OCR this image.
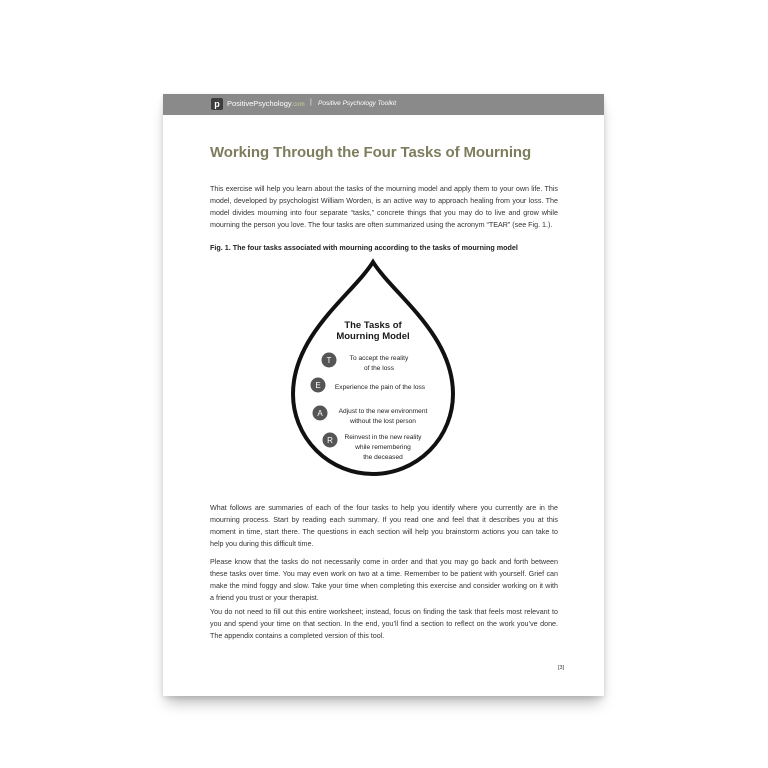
p PositivePsychology.com | Positive Psychology Toolkit
Working Through the Four Tasks of Mourning

This exercise will help you learn about the tasks of the mourning model and apply them to your own life. This model, developed by psychologist William Worden, is an active way to approach healing from your loss. The model divides mourning into four separate “tasks,” concrete things that you may do to live and grow while mourning the person you love. The four tasks are often summarized using the acronym “TEAR” (see Fig. 1.).

Fig. 1. The four tasks associated with mourning according to the tasks of mourning model
The Tasks of
Mourning Model
T	To accept the reality
of the loss
E Experience the pain of the loss
A Adjust to the new environment
without the lost person
R Reinvest in the new reality
while remembering
the deceased

What follows are summaries of each of the four tasks to help you identify where you currently are in the mourning process. Start by reading each summary. If you read one and feel that it describes you at this moment in time, start there. The questions in each section will help you brainstorm actions you can take to help you during this difficult time.

Please know that the tasks do not necessarily come in order and that you may go back and forth between these tasks over time. You may even work on two at a time. Remember to be patient with yourself. Grief can make the mind foggy and slow. Take your time when completing this exercise and consider working on it with a friend you trust or your therapist.

You do not need to fill out this entire worksheet; instead, focus on finding the task that feels most relevant to you and spend your time on that section. In the end, you’ll find a section to reflect on the work you’ve done. The appendix contains a completed version of this tool.

[3]
